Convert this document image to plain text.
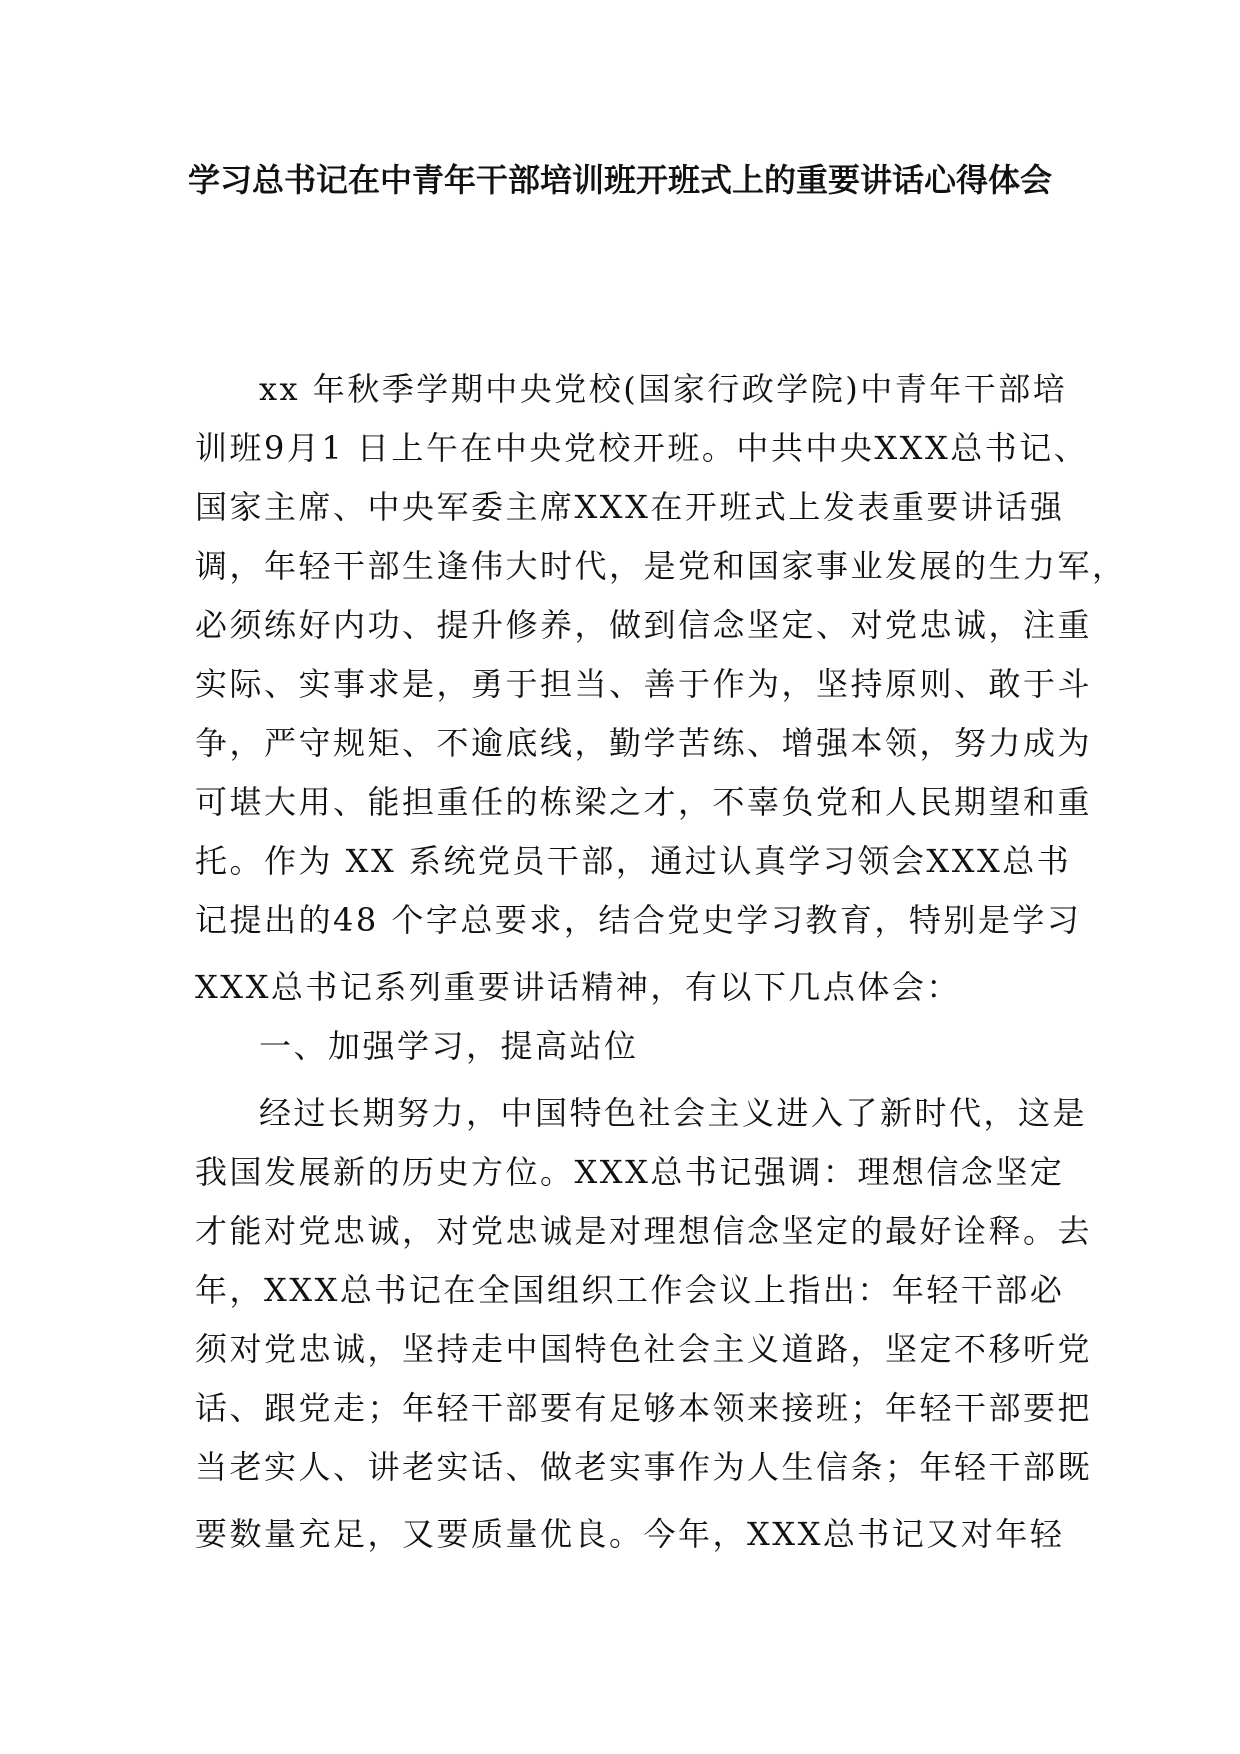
学习总书记在中青年干部培训班开班式上的重要讲话心得体会
xx 年秋季学期中央党校(国家行政学院)中青年干部培
训班9月1 日上午在中央党校开班。中共中央XXX总书记、
国家主席、中央军委主席XXX在开班式上发表重要讲话强
调，年轻干部生逢伟大时代，是党和国家事业发展的生力军，
必须练好内功、提升修养，做到信念坚定、对党忠诚，注重
实际、实事求是，勇于担当、善于作为，坚持原则、敢于斗
争，严守规矩、不逾底线，勤学苦练、增强本领，努力成为
可堪大用、能担重任的栋梁之才，不辜负党和人民期望和重
托。作为 XX 系统党员干部，通过认真学习领会XXX总书
记提出的48 个字总要求，结合党史学习教育，特别是学习
XXX总书记系列重要讲话精神，有以下几点体会：
一、加强学习，提高站位
经过长期努力，中国特色社会主义进入了新时代，这是
我国发展新的历史方位。XXX总书记强调：理想信念坚定
才能对党忠诚，对党忠诚是对理想信念坚定的最好诠释。去
年，XXX总书记在全国组织工作会议上指出：年轻干部必
须对党忠诚，坚持走中国特色社会主义道路，坚定不移听党
话、跟党走；年轻干部要有足够本领来接班；年轻干部要把
当老实人、讲老实话、做老实事作为人生信条；年轻干部既
要数量充足，又要质量优良。今年，XXX总书记又对年轻
